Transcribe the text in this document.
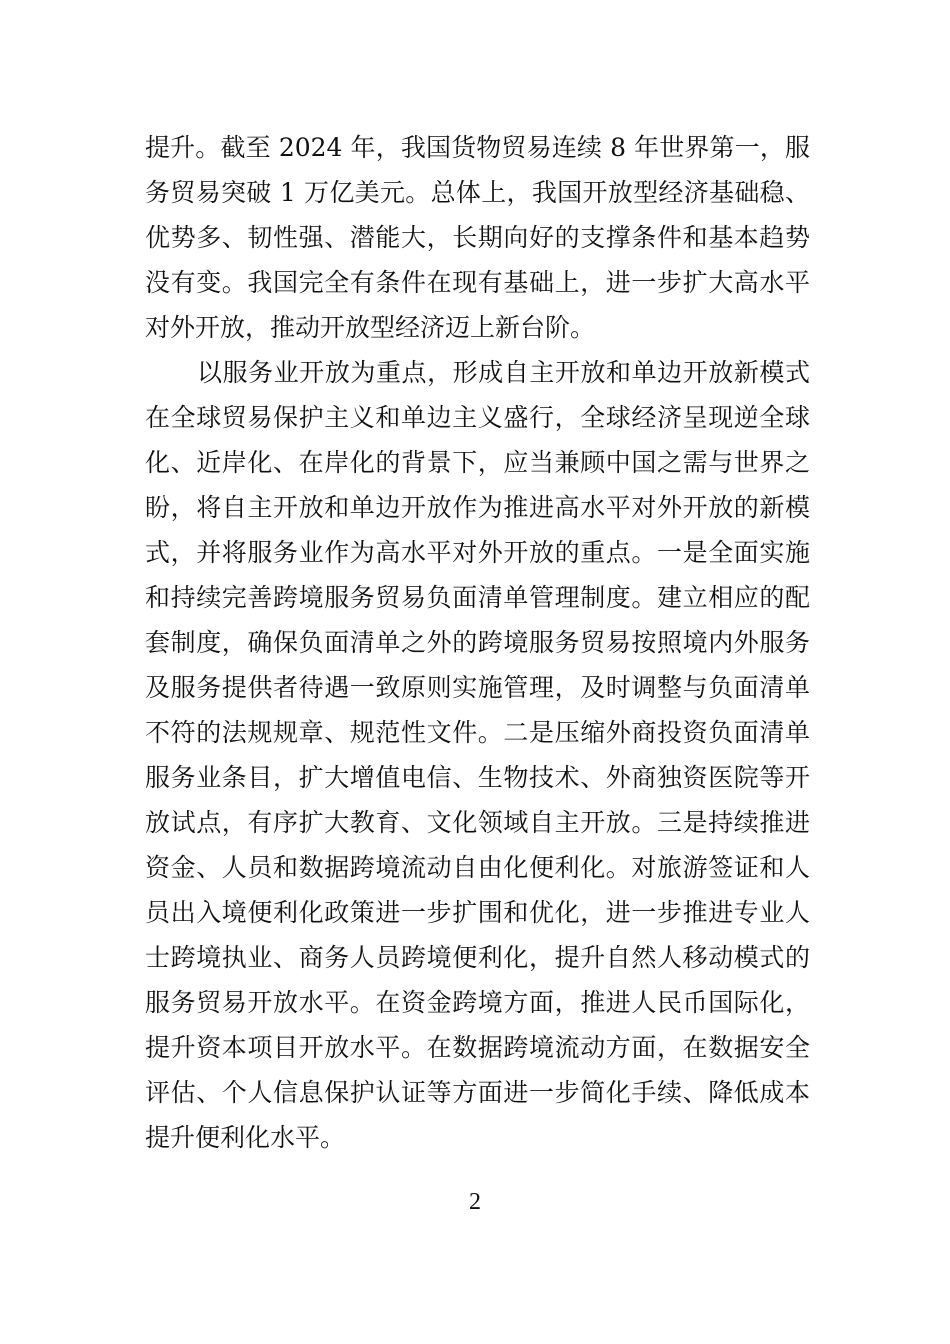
提升。截至 2024 年，我国货物贸易连续 8 年世界第一，服
务贸易突破 1 万亿美元。总体上，我国开放型经济基础稳、
优势多、韧性强、潜能大，长期向好的支撑条件和基本趋势
没有变。我国完全有条件在现有基础上，进一步扩大高水平
对外开放，推动开放型经济迈上新台阶。
以服务业开放为重点，形成自主开放和单边开放新模式
在全球贸易保护主义和单边主义盛行，全球经济呈现逆全球
化、近岸化、在岸化的背景下，应当兼顾中国之需与世界之
盼，将自主开放和单边开放作为推进高水平对外开放的新模
式，并将服务业作为高水平对外开放的重点。一是全面实施
和持续完善跨境服务贸易负面清单管理制度。建立相应的配
套制度，确保负面清单之外的跨境服务贸易按照境内外服务
及服务提供者待遇一致原则实施管理，及时调整与负面清单
不符的法规规章、规范性文件。二是压缩外商投资负面清单
服务业条目，扩大增值电信、生物技术、外商独资医院等开
放试点，有序扩大教育、文化领域自主开放。三是持续推进
资金、人员和数据跨境流动自由化便利化。对旅游签证和人
员出入境便利化政策进一步扩围和优化，进一步推进专业人
士跨境执业、商务人员跨境便利化，提升自然人移动模式的
服务贸易开放水平。在资金跨境方面，推进人民币国际化，
提升资本项目开放水平。在数据跨境流动方面，在数据安全
评估、个人信息保护认证等方面进一步简化手续、降低成本
提升便利化水平。
2
